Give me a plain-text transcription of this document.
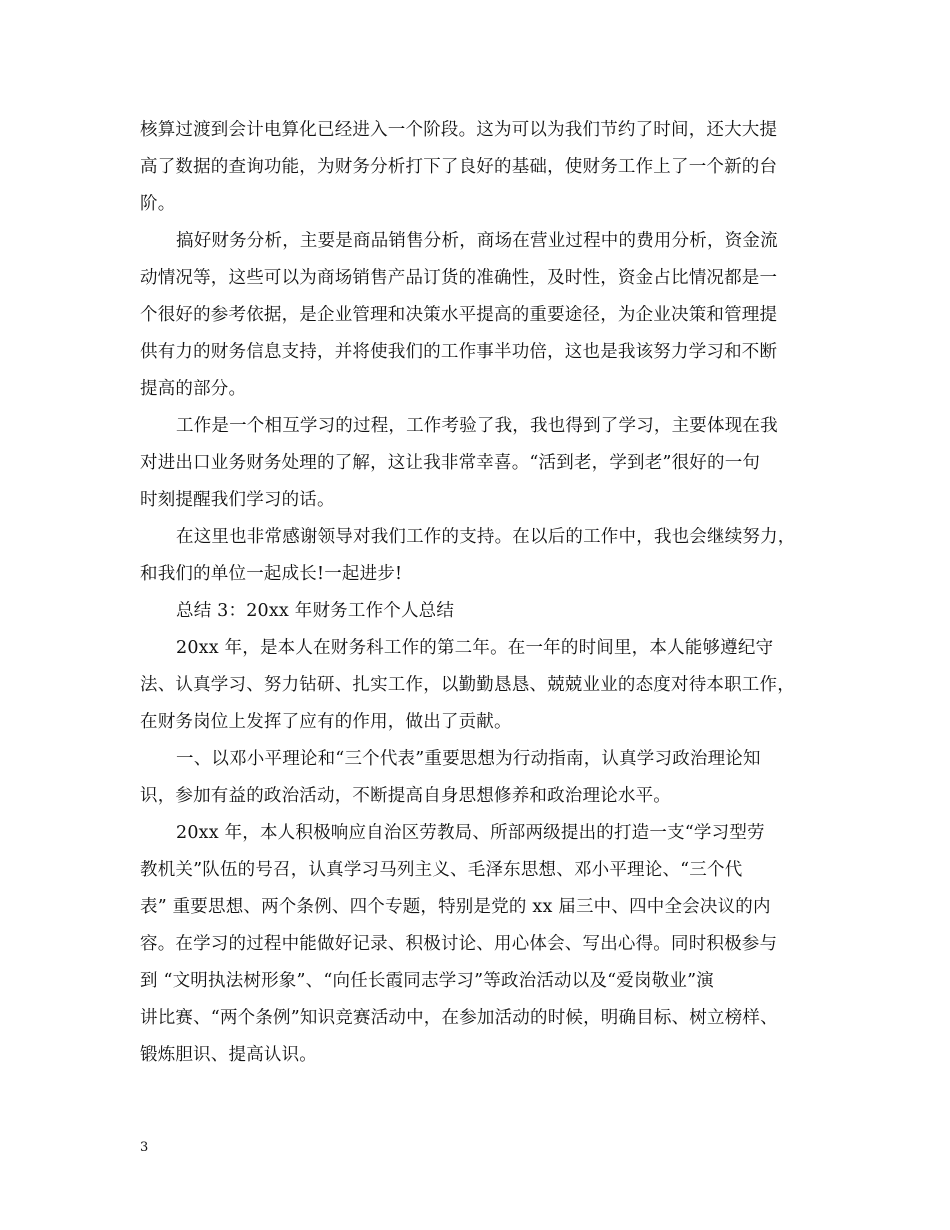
核算过渡到会计电算化已经进入一个阶段。这为可以为我们节约了时间，还大大提
高了数据的查询功能，为财务分析打下了良好的基础，使财务工作上了一个新的台
阶。
搞好财务分析，主要是商品销售分析，商场在营业过程中的费用分析，资金流
动情况等，这些可以为商场销售产品订货的准确性，及时性，资金占比情况都是一
个很好的参考依据，是企业管理和决策水平提高的重要途径，为企业决策和管理提
供有力的财务信息支持，并将使我们的工作事半功倍，这也是我该努力学习和不断
提高的部分。
工作是一个相互学习的过程，工作考验了我，我也得到了学习，主要体现在我
对进出口业务财务处理的了解，这让我非常幸喜。“活到老，学到老”很好的一句
时刻提醒我们学习的话。
在这里也非常感谢领导对我们工作的支持。在以后的工作中，我也会继续努力，
和我们的单位一起成长!一起进步!
总结 3：20xx 年财务工作个人总结
20xx 年，是本人在财务科工作的第二年。在一年的时间里，本人能够遵纪守
法、认真学习、努力钻研、扎实工作，以勤勤恳恳、兢兢业业的态度对待本职工作，
在财务岗位上发挥了应有的作用，做出了贡献。
一、以邓小平理论和“三个代表”重要思想为行动指南，认真学习政治理论知
识，参加有益的政治活动，不断提高自身思想修养和政治理论水平。
20xx 年，本人积极响应自治区劳教局、所部两级提出的打造一支“学习型劳
教机关”队伍的号召，认真学习马列主义、毛泽东思想、邓小平理论、“三个代
表” 重要思想、两个条例、四个专题，特别是党的 xx 届三中、四中全会决议的内
容。在学习的过程中能做好记录、积极讨论、用心体会、写出心得。同时积极参与
到 “文明执法树形象”、“向任长霞同志学习”等政治活动以及“爱岗敬业”演
讲比赛、“两个条例”知识竞赛活动中，在参加活动的时候，明确目标、树立榜样、
锻炼胆识、提高认识。
3
